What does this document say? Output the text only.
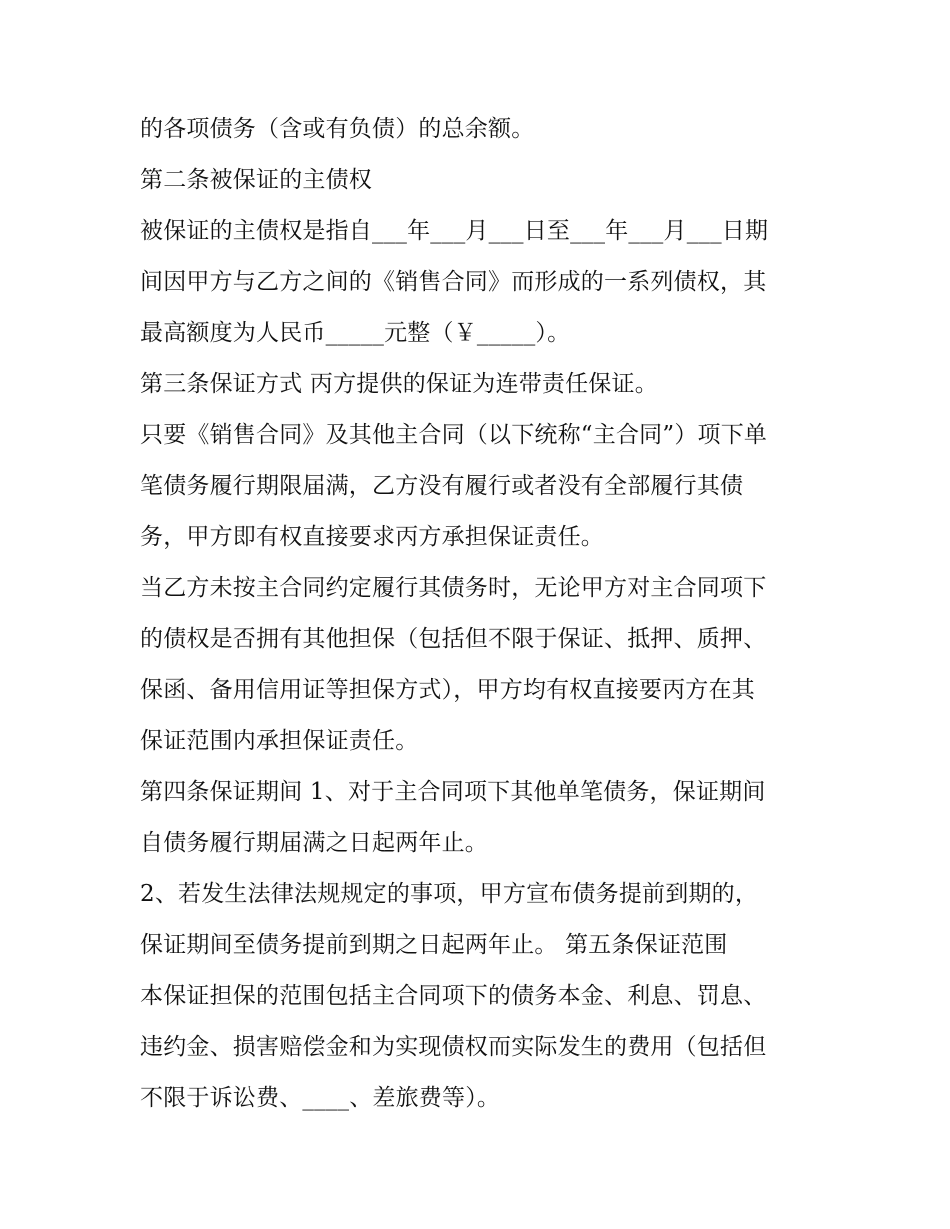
的各项债务（含或有负债）的总余额。
第二条被保证的主债权
被保证的主债权是指自___年___月___日至___年___月___日期
间因甲方与乙方之间的《销售合同》而形成的一系列债权，其
最高额度为人民币_____元整（￥_____）。
第三条保证方式 丙方提供的保证为连带责任保证。
只要《销售合同》及其他主合同（以下统称“主合同”）项下单
笔债务履行期限届满，乙方没有履行或者没有全部履行其债
务，甲方即有权直接要求丙方承担保证责任。
当乙方未按主合同约定履行其债务时，无论甲方对主合同项下
的债权是否拥有其他担保（包括但不限于保证、抵押、质押、
保函、备用信用证等担保方式），甲方均有权直接要丙方在其
保证范围内承担保证责任。
第四条保证期间 1、对于主合同项下其他单笔债务，保证期间
自债务履行期届满之日起两年止。
2、若发生法律法规规定的事项，甲方宣布债务提前到期的，
保证期间至债务提前到期之日起两年止。 第五条保证范围
本保证担保的范围包括主合同项下的债务本金、利息、罚息、
违约金、损害赔偿金和为实现债权而实际发生的费用（包括但
不限于诉讼费、____、差旅费等）。
